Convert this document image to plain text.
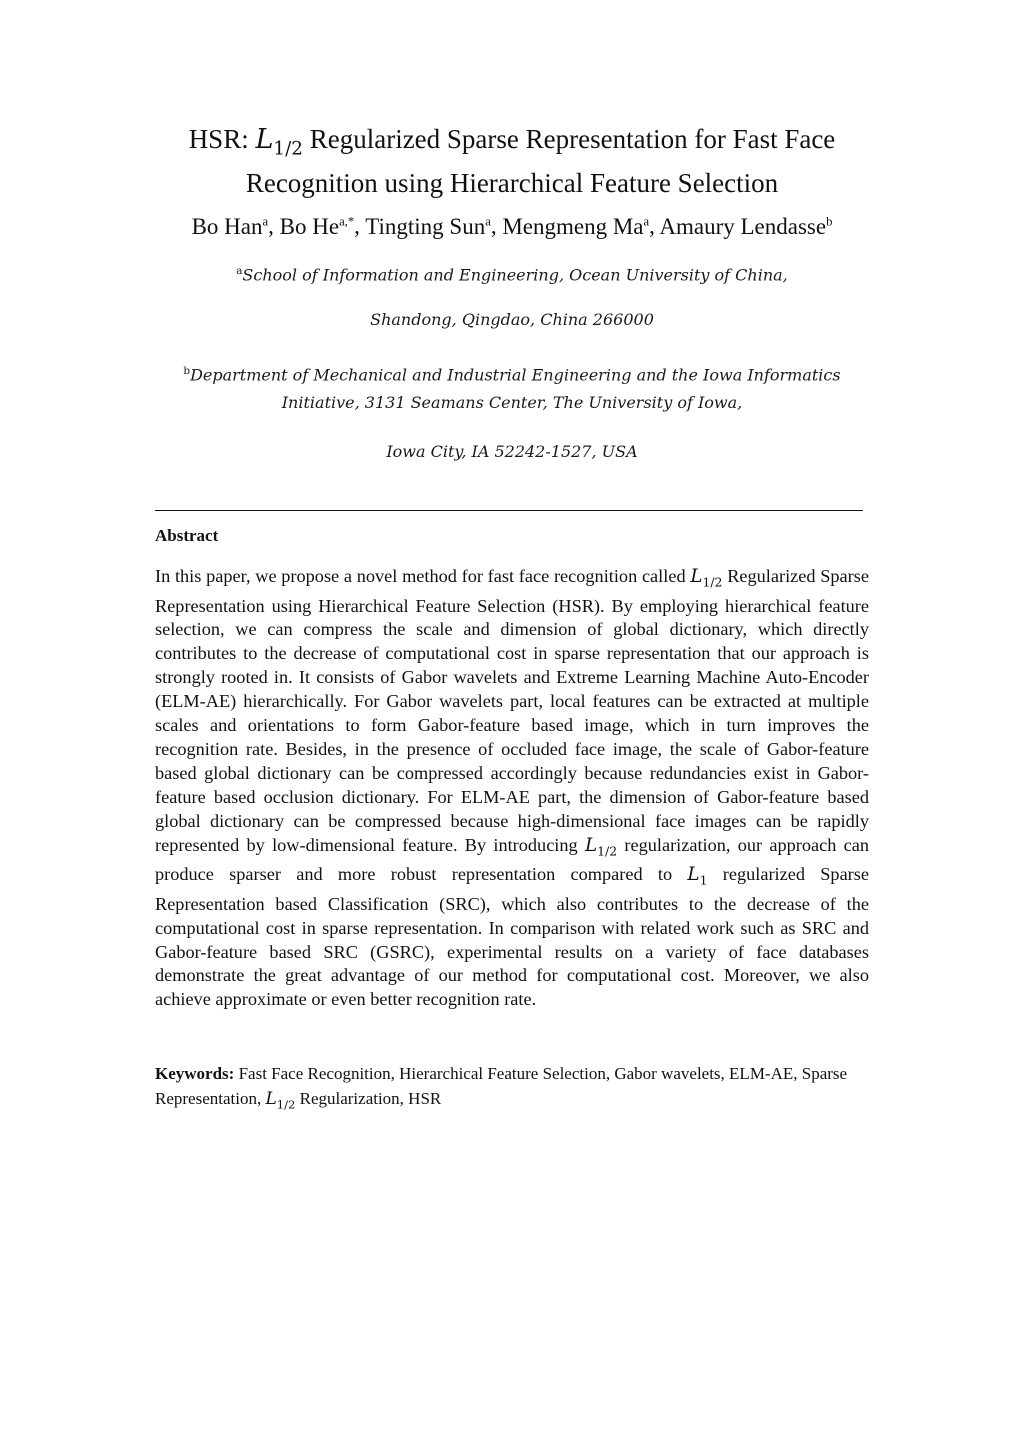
HSR: $L_{1/2}$ Regularized Sparse Representation for Fast Face
Recognition using Hierarchical Feature Selection
Bo Han$^a$, Bo $He^{a,*}$, Tingting Sun$^a$, Mengmeng Ma$^a$, Amaury Lendasse$^b$
$^a$School of Information and Engineering, Ocean University of China,
Shandong, Qingdao, China 266000
$^b$Department of Mechanical and Industrial Engineering and the Iowa Informatics
Initiative, 3131 Seamans Center, The University of Iowa,
Iowa City, IA 52242-1527, USA
Abstract

In this paper, we propose a novel method for fast face recognition called $L_{1/2}$ Regularized Sparse Representation using Hierarchical Feature Selection (HSR). By employing hierarchical feature selection, we can compress the scale and dimension of global dictionary, which directly contributes to the decrease of computational cost in sparse representation that our approach is strongly rooted in. It consists of Gabor wavelets and Extreme Learning Machine Auto-Encoder (ELM-AE) hierarchically. For Gabor wavelets part, local features can be extracted at multiple scales and orientations to form Gabor-feature based image, which in turn improves the recognition rate. Besides, in the presence of occluded face image, the scale of Gabor-feature based global dictionary can be compressed accordingly because redundancies exist in Gabor-feature based occlusion dictionary. For ELM-AE part, the dimension of Gabor-feature based global dictionary can be compressed because high-dimensional face images can be rapidly represented by low-dimensional feature. By introducing $L_{1/2}$ regularization, our approach can produce sparser and more robust representation compared to $L_1$ regularized Sparse Representation based Classification (SRC), which also contributes to the decrease of the computational cost in sparse representation. In comparison with related work such as SRC and Gabor-feature based SRC (GSRC), experimental results on a variety of face databases demonstrate the great advantage of our method for computational cost. Moreover, we also achieve approximate or even better recognition rate.

Keywords: Fast Face Recognition, Hierarchical Feature Selection, Gabor wavelets, ELM-AE, Sparse Representation, $L_{1/2}$ Regularization, HSR
